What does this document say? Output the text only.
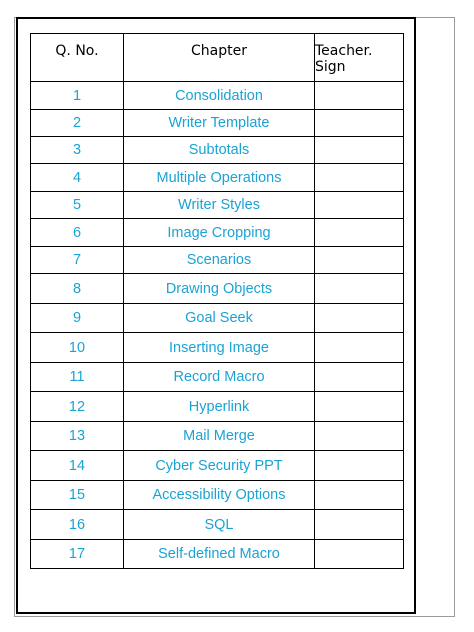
Q. No.	Chapter	Teacher.
Sign
1	Consolidation	
2	Writer Template	
3	Subtotals	
4	Multiple Operations	
5	Writer Styles	
6	Image Cropping	
7	Scenarios	
8	Drawing Objects	
9	Goal Seek	
10	Inserting Image	
11	Record Macro	
12	Hyperlink	
13	Mail Merge	
14	Cyber Security PPT	
15	Accessibility Options	
16	SQL	
17	Self-defined Macro	
